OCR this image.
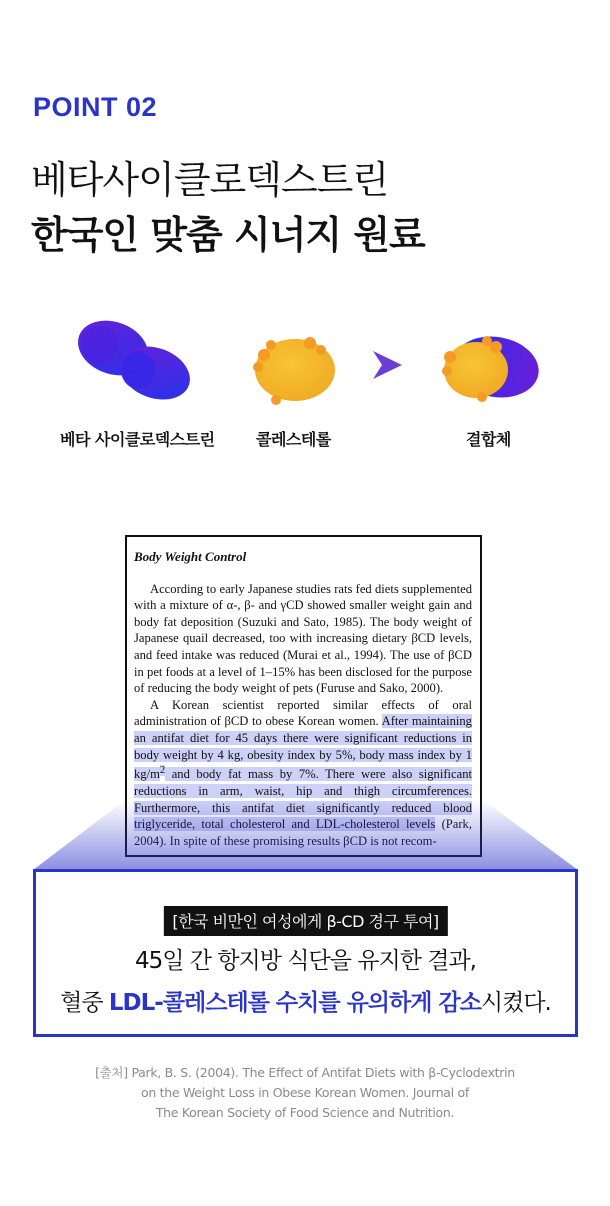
POINT 02
베타사이클로덱스트린
한국인 맞춤 시너지 원료
베타 사이클로덱스트린	콜레스테롤	결합체
Body Weight Control

According to early Japanese studies rats fed diets supplemented with a mixture of α-, β- and γCD showed smaller weight gain and body fat deposition (Suzuki and Sato, 1985). The body weight of Japanese quail decreased, too with increasing dietary βCD levels, and feed intake was reduced (Murai et al., 1994). The use of βCD in pet foods at a level of 1–15% has been disclosed for the purpose of reducing the body weight of pets (Furuse and Sako, 2000).

A Korean scientist reported similar effects of oral administration of βCD to obese Korean women. After maintaining an antifat diet for 45 days there were significant reductions in body weight by 4 kg, obesity index by 5%, body mass index by 1 $kg/m^2$ and body fat mass by 7%. There were also significant reductions in arm, waist, hip and thigh circumferences.

[한국 비만인 여성에게 β-CD 경구 투여]
45일 간 항지방 식단을 유지한 결과,
혈중 LDL-콜레스테롤 수치를 유의하게 감소시켰다.
[출처] Park, B. S. (2004). The Effect of Antifat Diets with β-Cyclodextrin
on the Weight Loss in Obese Korean Women. Journal of
The Korean Society of Food Science and Nutrition.
